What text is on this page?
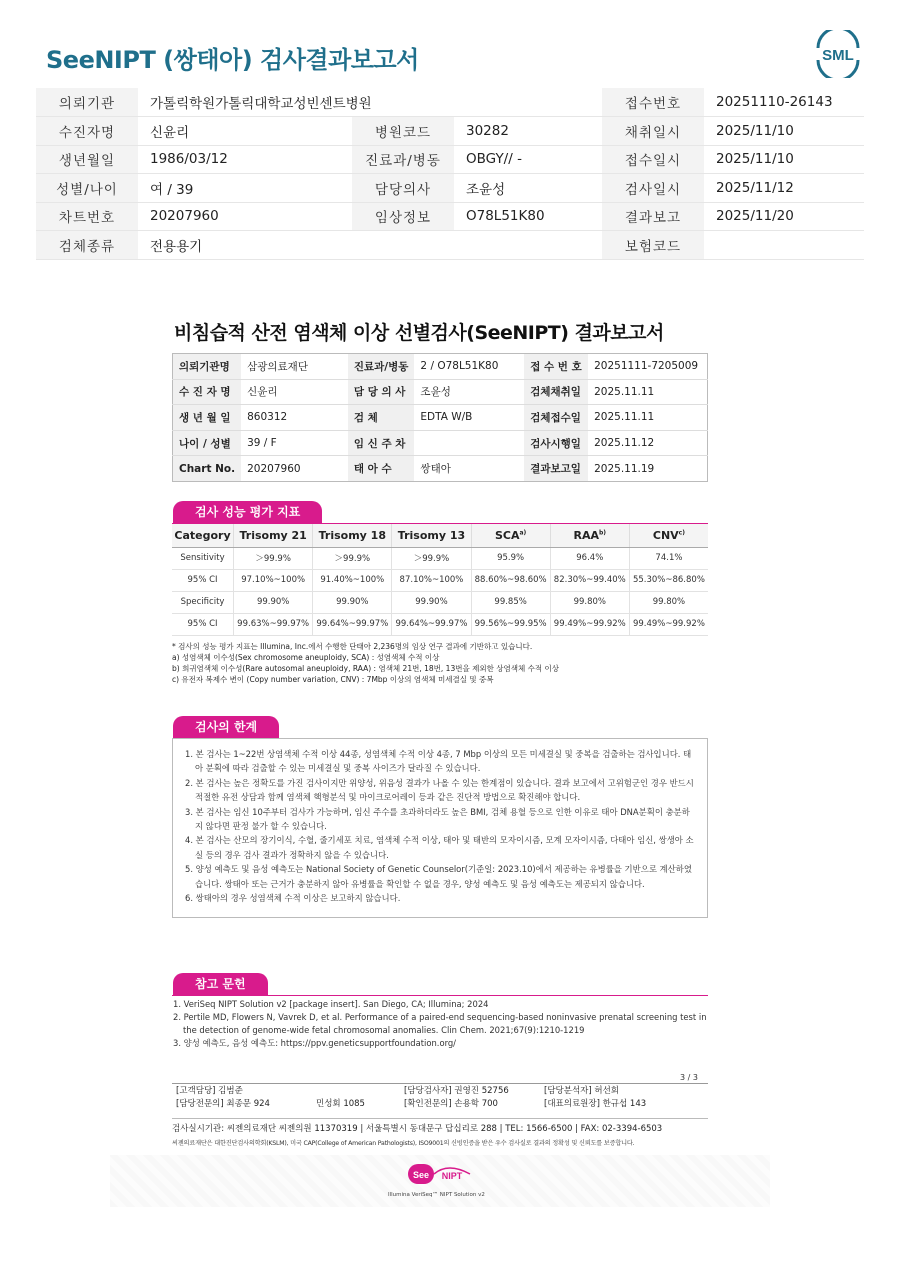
SeeNIPT (쌍태아) 검사결과보고서	SML
의뢰기관	가톨릭학원가톨릭대학교성빈센트병원			접수번호	20251110-26143
수진자명	신윤리	병원코드	30282	채취일시	2025/11/10
생년월일	1986/03/12	진료과/병동	OBGY// -	접수일시	2025/11/10
성별/나이	여 / 39	담당의사	조윤성	검사일시	2025/11/12
차트번호	20207960	임상정보	O78L51K80	결과보고	2025/11/20
검체종류	전용용기			보험코드	
비침습적 산전 염색체 이상 선별검사(SeeNIPT) 결과보고서
의뢰기관명	삼광의료재단	진료과/병동	2 / O78L51K80	접 수 번 호	20251111-7205009
수 진 자 명	신윤리	담 당 의 사	조윤성	검체채취일	2025.11.11
생 년 월 일	860312	검 체	EDTA W/B	검체접수일	2025.11.11
나이 / 성별	39 / F	임 신 주 차		검사시행일	2025.11.12
Chart No.	20207960	태 아 수	쌍태아	결과보고일	2025.11.19
검사 성능 평가 지표
Category	Trisomy 21	Trisomy 18	Trisomy 13	SCA$^{a)}$	RAA$^{b)}$	CNV$^{c)}$
Sensitivity	＞99.9%	＞99.9%	＞99.9%	95.9%	96.4%	74.1%
95% CI	97.10%~100%	91.40%~100%	87.10%~100%	88.60%~98.60%	82.30%~99.40%	55.30%~86.80%
Specificity	99.90%	99.90%	99.90%	99.85%	99.80%	99.80%
95% CI	99.63%~99.97%	99.64%~99.97%	99.64%~99.97%	99.56%~99.95%	99.49%~99.92%	99.49%~99.92%
* 검사의 성능 평가 지표는 Illumina, Inc.에서 수행한 단태아 2,236명의 임상 연구 결과에 기반하고 있습니다.
a) 성염색체 이수성(Sex chromosome aneuploidy, SCA) : 성염색체 수적 이상
b) 희귀염색체 이수성(Rare autosomal aneuploidy, RAA) : 염색체 21번, 18번, 13번을 제외한 상염색체 수적 이상
c) 유전자 복제수 변이 (Copy number variation, CNV) : 7Mbp 이상의 염색체 미세결실 및 중복
검사의 한계

1. 본 검사는 1~22번 상염색체 수적 이상 44종, 성염색체 수적 이상 4종, 7 Mbp 이상의 모든 미세결실 및 중복을 검출하는 검사입니다. 태아 분획에 따라 검출할 수 있는 미세결실 및 중복 사이즈가 달라질 수 있습니다.

2. 본 검사는 높은 정확도를 가진 검사이지만 위양성, 위음성 결과가 나올 수 있는 한계점이 있습니다. 결과 보고에서 고위험군인 경우 반드시 적절한 유전 상담과 함께 염색체 핵형분석 및 마이크로어레이 등과 같은 진단적 방법으로 확진해야 합니다.

3. 본 검사는 임신 10주부터 검사가 가능하며, 임신 주수를 초과하더라도 높은 BMI, 검체 용혈 등으로 인한 이유로 태아 DNA분획이 충분하지 않다면 판정 불가 할 수 있습니다.

4. 본 검사는 산모의 장기이식, 수혈, 줄기세포 치료, 염색체 수적 이상, 태아 및 태반의 모자이시즘, 모계 모자이시즘, 다태아 임신, 쌍생아 소실 등의 경우 검사 결과가 정확하지 않을 수 있습니다.

5. 양성 예측도 및 음성 예측도는 National Society of Genetic Counselor(기준일: 2023.10)에서 제공하는 유병률을 기반으로 계산하였습니다. 쌍태아 또는 근거가 충분하지 않아 유병률을 확인할 수 없을 경우, 양성 예측도 및 음성 예측도는 제공되지 않습니다.

6. 쌍태아의 경우 성염색체 수적 이상은 보고하지 않습니다.

참고 문헌

1. VeriSeq NIPT Solution v2 [package insert]. San Diego, CA; Illumina; 2024

2. Pertile MD, Flowers N, Vavrek D, et al. Performance of a paired-end sequencing-based noninvasive prenatal screening test in the detection of genome-wide fetal chromosomal anomalies. Clin Chem. 2021;67(9):1210-1219

3. 양성 예측도, 음성 예측도: https://ppv.geneticsupportfoundation.org/

3 / 3
[고객담당] 김범준		[담당검사자] 권영진 52756	[담당분석자] 허선회
[담당전문의] 최종문 924	민성회 1085	[확인전문의] 손용학 700	[대표의료원장] 한규섭 143
검사실시기관: 씨젠의료재단 씨젠의원 11370319 | 서울특별시 동대문구 답십리로 288 | TEL: 1566-6500 | FAX: 02-3394-6503
씨젠의료재단은 대한진단검사의학회(KSLM), 미국 CAP(College of American Pathologists), ISO9001의 신빙인증을 받은 우수 검사실로 결과의 정확성 및 신뢰도를 보증합니다.
See NIPT
Illumina VeriSeq™ NIPT Solution v2
